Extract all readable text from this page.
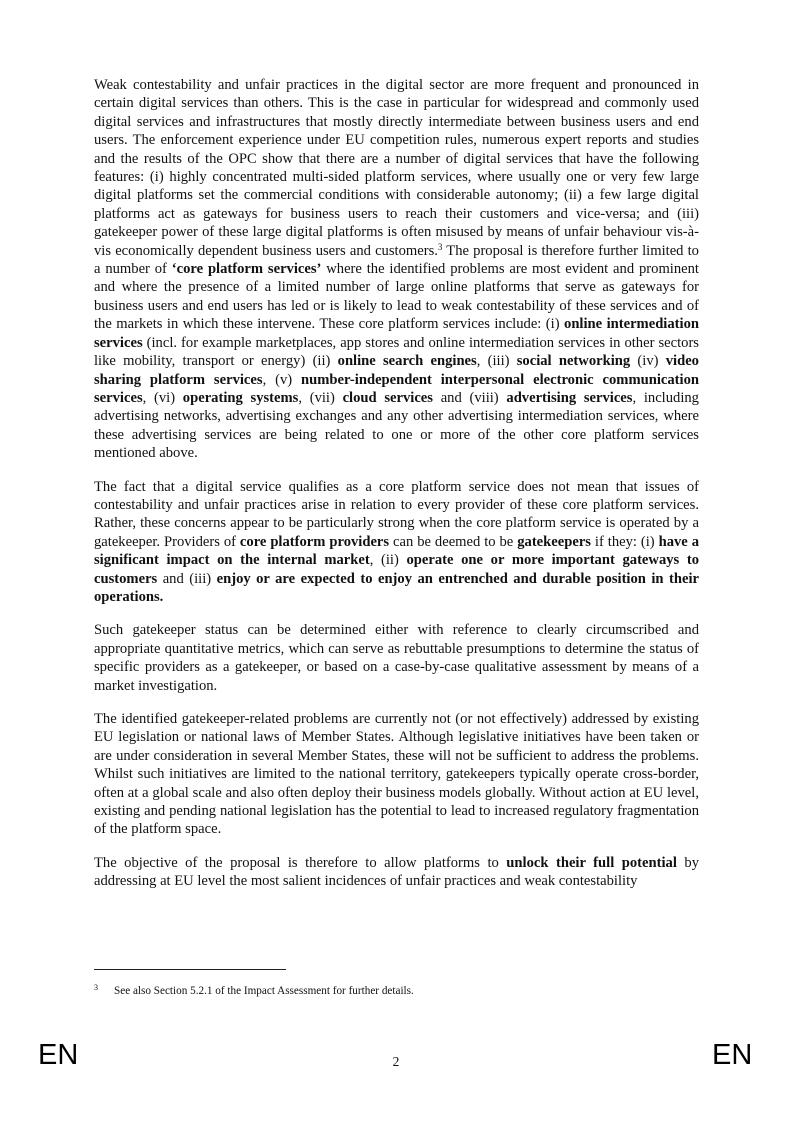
Weak contestability and unfair practices in the digital sector are more frequent and pronounced in certain digital services than others. This is the case in particular for widespread and commonly used digital services and infrastructures that mostly directly intermediate between business users and end users. The enforcement experience under EU competition rules, numerous expert reports and studies and the results of the OPC show that there are a number of digital services that have the following features: (i) highly concentrated multi-sided platform services, where usually one or very few large digital platforms set the commercial conditions with considerable autonomy; (ii) a few large digital platforms act as gateways for business users to reach their customers and vice-versa; and (iii) gatekeeper power of these large digital platforms is often misused by means of unfair behaviour vis-à-vis economically dependent business users and customers.$^3$ The proposal is therefore further limited to a number of ‘core platform services’ where the identified problems are most evident and prominent and where the presence of a limited number of large online platforms that serve as gateways for business users and end users has led or is likely to lead to weak contestability of these services and of the markets in which these intervene. These core platform services include: (i) online intermediation services (incl. for example marketplaces, app stores and online intermediation services in other sectors like mobility, transport or energy) (ii) online search engines, (iii) social networking (iv) video sharing platform services, (v) number-independent interpersonal electronic communication services, (vi) operating systems, (vii) cloud services and (viii) advertising services, including advertising networks, advertising exchanges and any other advertising intermediation services, where these advertising services are being related to one or more of the other core platform services mentioned above.

The fact that a digital service qualifies as a core platform service does not mean that issues of contestability and unfair practices arise in relation to every provider of these core platform services. Rather, these concerns appear to be particularly strong when the core platform service is operated by a gatekeeper. Providers of core platform providers can be deemed to be gatekeepers if they: (i) have a significant impact on the internal market, (ii) operate one or more important gateways to customers and (iii) enjoy or are expected to enjoy an entrenched and durable position in their operations.

Such gatekeeper status can be determined either with reference to clearly circumscribed and appropriate quantitative metrics, which can serve as rebuttable presumptions to determine the status of specific providers as a gatekeeper, or based on a case-by-case qualitative assessment by means of a market investigation.

The identified gatekeeper-related problems are currently not (or not effectively) addressed by existing EU legislation or national laws of Member States. Although legislative initiatives have been taken or are under consideration in several Member States, these will not be sufficient to address the problems. Whilst such initiatives are limited to the national territory, gatekeepers typically operate cross-border, often at a global scale and also often deploy their business models globally. Without action at EU level, existing and pending national legislation has the potential to lead to increased regulatory fragmentation of the platform space.

The objective of the proposal is therefore to allow platforms to unlock their full potential by addressing at EU level the most salient incidences of unfair practices and weak contestability

3 See also Section 5.2.1 of the Impact Assessment for further details.
EN	2	EN
